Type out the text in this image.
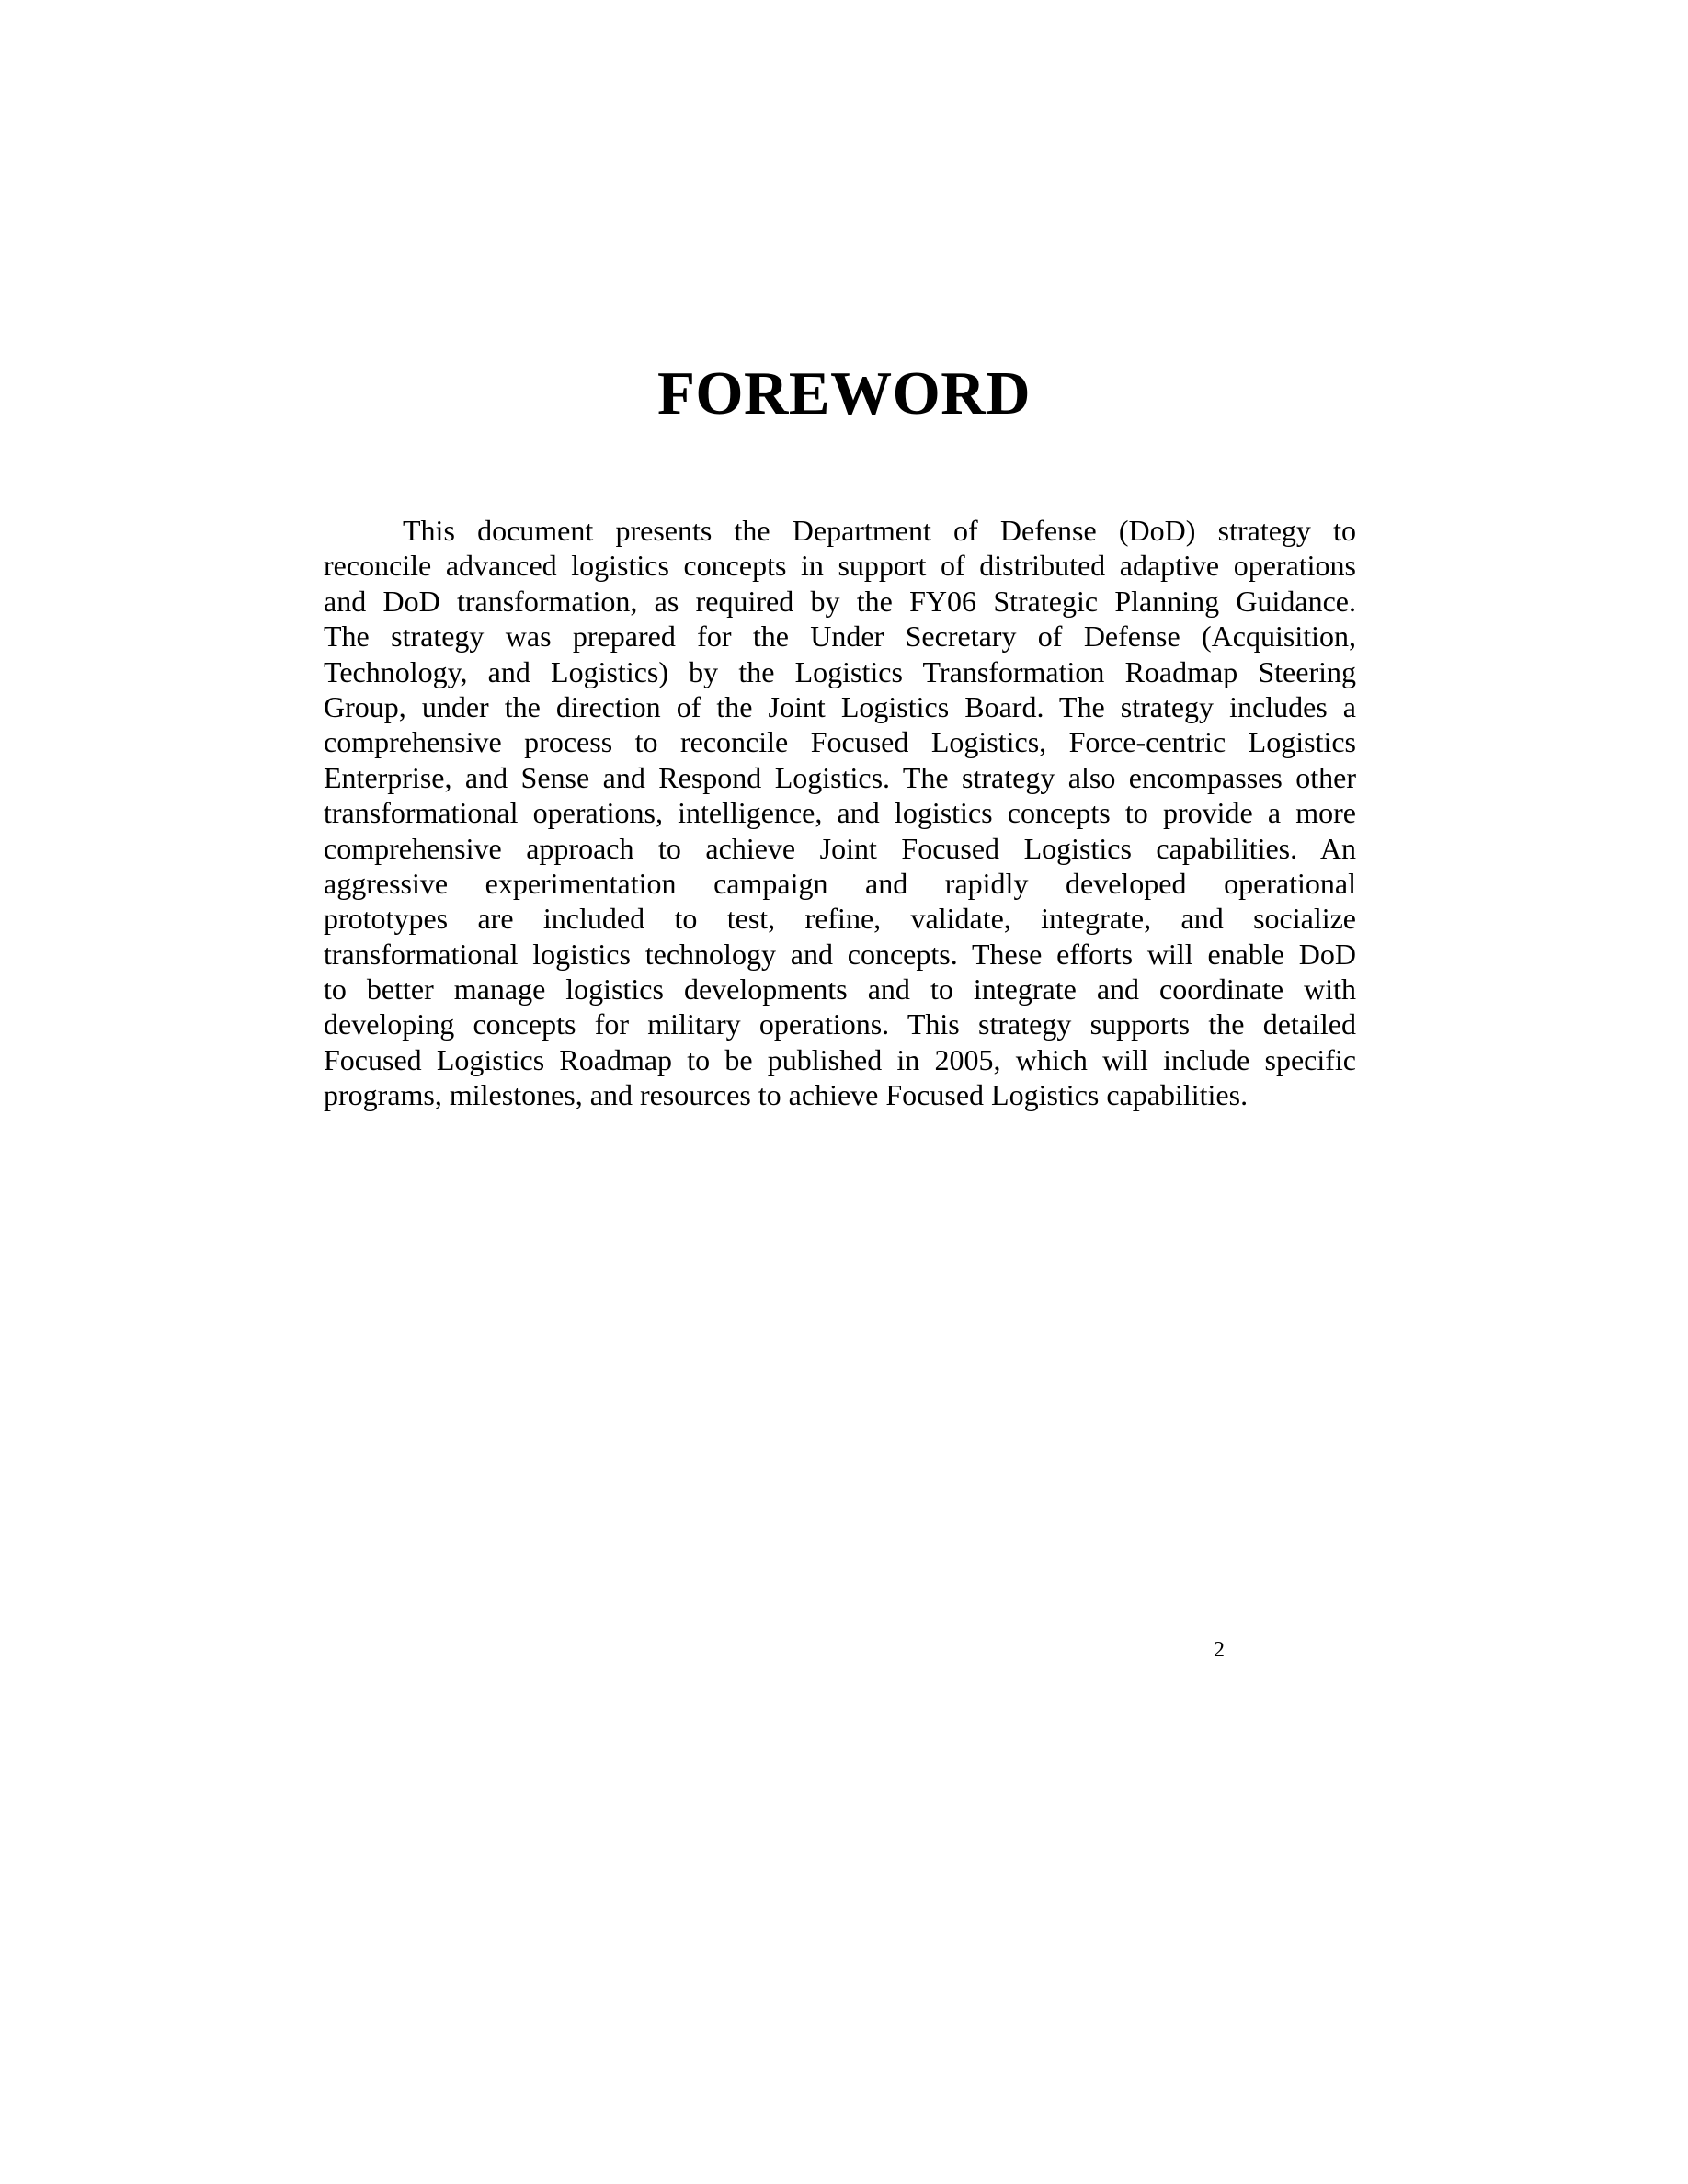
FOREWORD
This document presents the Department of Defense (DoD) strategy to
reconcile advanced logistics concepts in support of distributed adaptive operations
and DoD transformation, as required by the FY06 Strategic Planning Guidance.
The strategy was prepared for the Under Secretary of Defense (Acquisition,
Technology, and Logistics) by the Logistics Transformation Roadmap Steering
Group, under the direction of the Joint Logistics Board. The strategy includes a
comprehensive process to reconcile Focused Logistics, Force-centric Logistics
Enterprise, and Sense and Respond Logistics. The strategy also encompasses other
transformational operations, intelligence, and logistics concepts to provide a more
comprehensive approach to achieve Joint Focused Logistics capabilities. An
aggressive experimentation campaign and rapidly developed operational
prototypes are included to test, refine, validate, integrate, and socialize
transformational logistics technology and concepts. These efforts will enable DoD
to better manage logistics developments and to integrate and coordinate with
developing concepts for military operations. This strategy supports the detailed
Focused Logistics Roadmap to be published in 2005, which will include specific
programs, milestones, and resources to achieve Focused Logistics capabilities.
2
